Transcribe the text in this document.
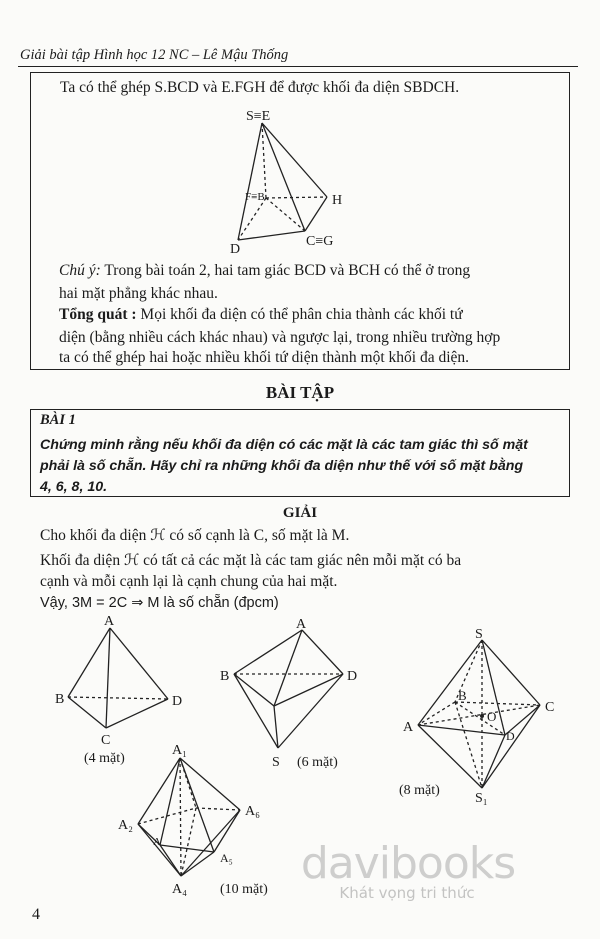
Giải bài tập Hình học 12 NC – Lê Mậu Thống
Ta có thể ghép S.BCD và E.FGH để được khối đa diện SBDCH.
S≡E
F≡B	H
D
C≡G
Chú ý: Trong bài toán 2, hai tam giác BCD và BCH có thể ở trong
hai mặt phẳng khác nhau.
Tổng quát : Mọi khối đa diện có thể phân chia thành các khối tứ
diện (bằng nhiều cách khác nhau) và ngược lại, trong nhiều trường hợp
ta có thể ghép hai hoặc nhiều khối tứ diện thành một khối đa diện.
BÀI TẬP
BÀI 1
Chứng minh rằng nếu khối đa diện có các mặt là các tam giác thì số mặt
phải là số chẵn. Hãy chỉ ra những khối đa diện như thế với số mặt bằng
4, 6, 8, 10.
GIẢI
Cho khối đa diện ℋ có số cạnh là C, số mặt là M.
Khối đa diện ℋ có tất cả các mặt là các tam giác nên mỗi mặt có ba
cạnh và mỗi cạnh lại là cạnh chung của hai mặt.
Vậy, 3M = 2C ⇒ M là số chẵn (đpcm)
A
B
C
D
(4 mặt)
A
B	D
S (6 mặt)
S
B
O
C
A
D
S₁
(8 mặt)
A₁
A₂
A₆
A
A₅
A₄ (10 mặt)
davibooks
Khát vọng tri thức
4
